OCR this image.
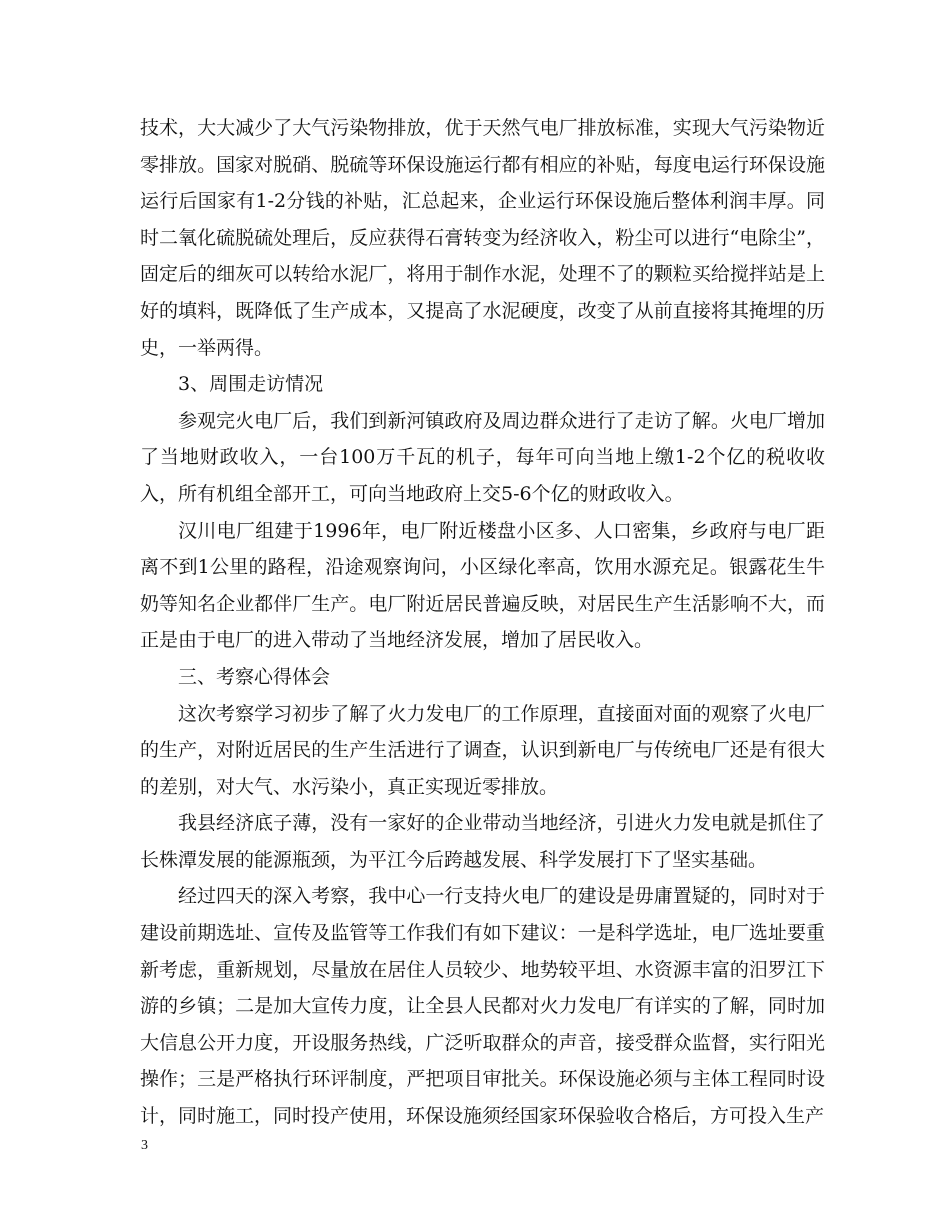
技术，大大减少了大气污染物排放，优于天然气电厂排放标准，实现大气污染物近零排放。国家对脱硝、脱硫等环保设施运行都有相应的补贴，每度电运行环保设施运行后国家有1-2分钱的补贴，汇总起来，企业运行环保设施后整体利润丰厚。同时二氧化硫脱硫处理后，反应获得石膏转变为经济收入，粉尘可以进行“电除尘”，固定后的细灰可以转给水泥厂，将用于制作水泥，处理不了的颗粒买给搅拌站是上好的填料，既降低了生产成本，又提高了水泥硬度，改变了从前直接将其掩埋的历史，一举两得。

3、周围走访情况

参观完火电厂后，我们到新河镇政府及周边群众进行了走访了解。火电厂增加了当地财政收入，一台100万千瓦的机子，每年可向当地上缴1-2个亿的税收收入，所有机组全部开工，可向当地政府上交5-6个亿的财政收入。

汉川电厂组建于1996年，电厂附近楼盘小区多、人口密集，乡政府与电厂距离不到1公里的路程，沿途观察询问，小区绿化率高，饮用水源充足。银露花生牛奶等知名企业都伴厂生产。电厂附近居民普遍反映，对居民生产生活影响不大，而正是由于电厂的进入带动了当地经济发展，增加了居民收入。

三、考察心得体会

这次考察学习初步了解了火力发电厂的工作原理，直接面对面的观察了火电厂的生产，对附近居民的生产生活进行了调查，认识到新电厂与传统电厂还是有很大的差别，对大气、水污染小，真正实现近零排放。

我县经济底子薄，没有一家好的企业带动当地经济，引进火力发电就是抓住了长株潭发展的能源瓶颈，为平江今后跨越发展、科学发展打下了坚实基础。

经过四天的深入考察，我中心一行支持火电厂的建设是毋庸置疑的，同时对于建设前期选址、宣传及监管等工作我们有如下建议：一是科学选址，电厂选址要重新考虑，重新规划，尽量放在居住人员较少、地势较平坦、水资源丰富的汨罗江下游的乡镇；二是加大宣传力度，让全县人民都对火力发电厂有详实的了解，同时加大信息公开力度，开设服务热线，广泛听取群众的声音，接受群众监督，实行阳光操作；三是严格执行环评制度，严把项目审批关。环保设施必须与主体工程同时设计，同时施工，同时投产使用，环保设施须经国家环保验收合格后，方可投入生产

3
